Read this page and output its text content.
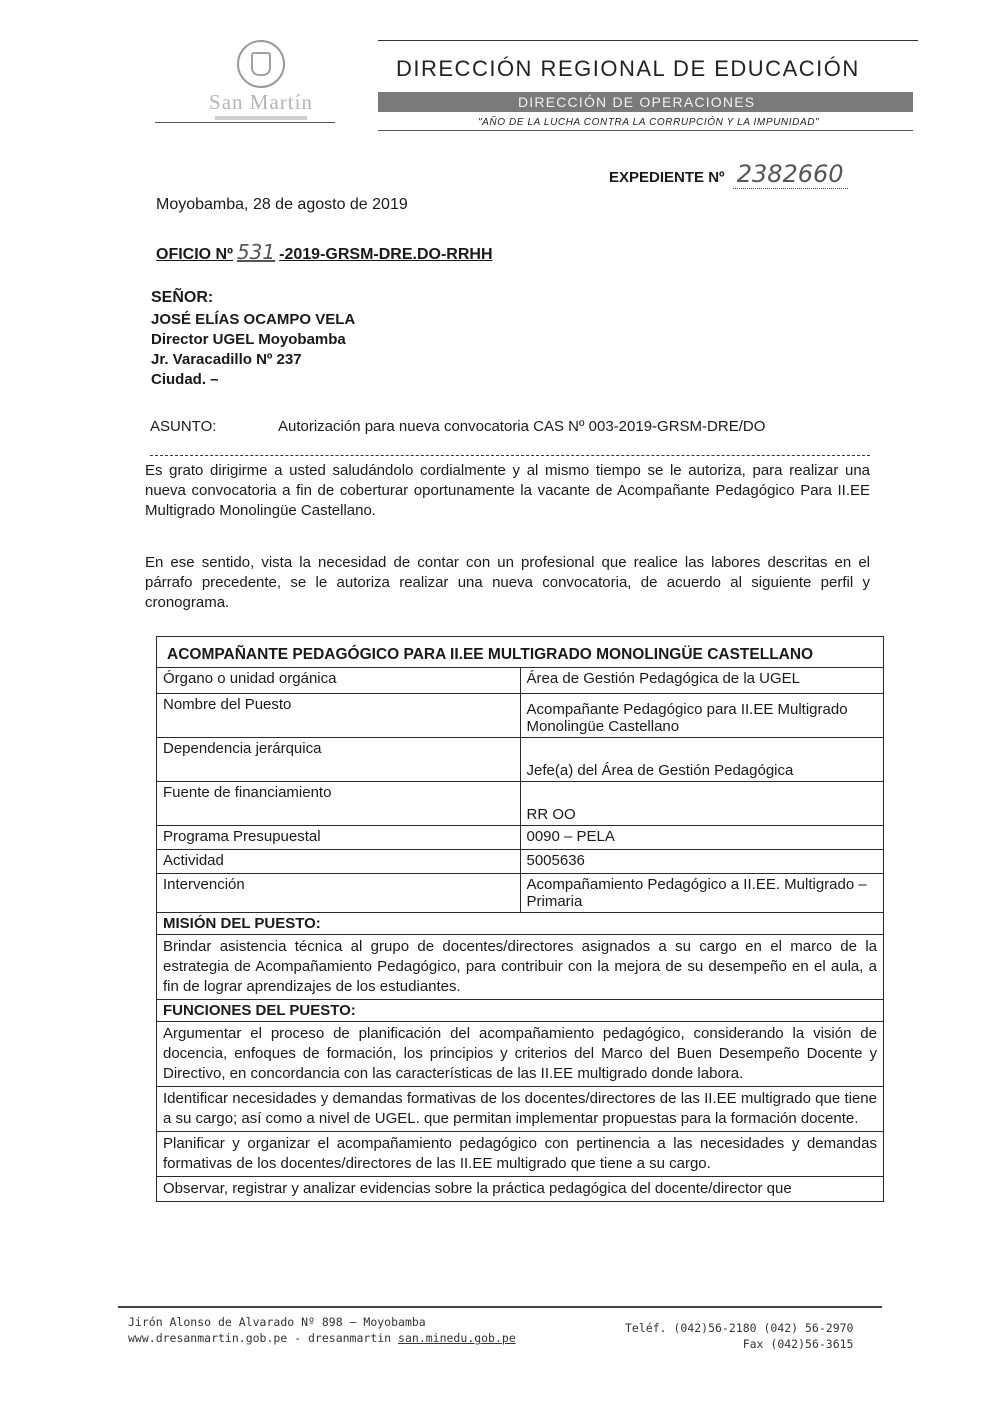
San Martín
DIRECCIÓN REGIONAL DE EDUCACIÓN
DIRECCIÓN DE OPERACIONES
"AÑO DE LA LUCHA CONTRA LA CORRUPCIÓN Y LA IMPUNIDAD"
EXPEDIENTE Nº 2382660
Moyobamba, 28 de agosto de 2019
OFICIO Nº 531 -2019-GRSM-DRE.DO-RRHH
SEÑOR:
JOSÉ ELÍAS OCAMPO VELA
Director UGEL Moyobamba
Jr. Varacadillo Nº 237
Ciudad. –
ASUNTO:	Autorización para nueva convocatoria CAS Nº 003-2019-GRSM-DRE/DO

Es grato dirigirme a usted saludándolo cordialmente y al mismo tiempo se le autoriza, para realizar una nueva convocatoria a fin de coberturar oportunamente la vacante de Acompañante Pedagógico Para II.EE Multigrado Monolingüe Castellano.

En ese sentido, vista la necesidad de contar con un profesional que realice las labores descritas en el párrafo precedente, se le autoriza realizar una nueva convocatoria, de acuerdo al siguiente perfil y cronograma.

ACOMPAÑANTE PEDAGÓGICO PARA II.EE MULTIGRADO MONOLINGÜE CASTELLANO	
Órgano o unidad orgánica	Área de Gestión Pedagógica de la UGEL
Nombre del Puesto	Acompañante Pedagógico para II.EE Multigrado Monolingüe Castellano
Dependencia jerárquica	Jefe(a) del Área de Gestión Pedagógica
Fuente de financiamiento	RR OO
Programa Presupuestal	0090 – PELA
Actividad	5005636
Intervención	Acompañamiento Pedagógico a II.EE. Multigrado – Primaria
MISIÓN DEL PUESTO:	
Brindar asistencia técnica al grupo de docentes/directores asignados a su cargo en el marco de la estrategia de Acompañamiento Pedagógico, para contribuir con la mejora de su desempeño en el aula, a fin de lograr aprendizajes de los estudiantes.	
FUNCIONES DEL PUESTO:	
Argumentar el proceso de planificación del acompañamiento pedagógico, considerando la visión de docencia, enfoques de formación, los principios y criterios del Marco del Buen Desempeño Docente y Directivo, en concordancia con las características de las II.EE multigrado donde labora.	
Identificar necesidades y demandas formativas de los docentes/directores de las II.EE multigrado que tiene a su cargo; así como a nivel de UGEL. que permitan implementar propuestas para la formación docente.	
Planificar y organizar el acompañamiento pedagógico con pertinencia a las necesidades y demandas formativas de los docentes/directores de las II.EE multigrado que tiene a su cargo.	
Observar, registrar y analizar evidencias sobre la práctica pedagógica del docente/director que	
Jirón Alonso de Alvarado Nº 898 — Moyobamba
www.dresanmartin.gob.pe - dresanmartin san.minedu.gob.pe
Teléf. (042)56-2180 (042) 56-2970
Fax (042)56-3615
